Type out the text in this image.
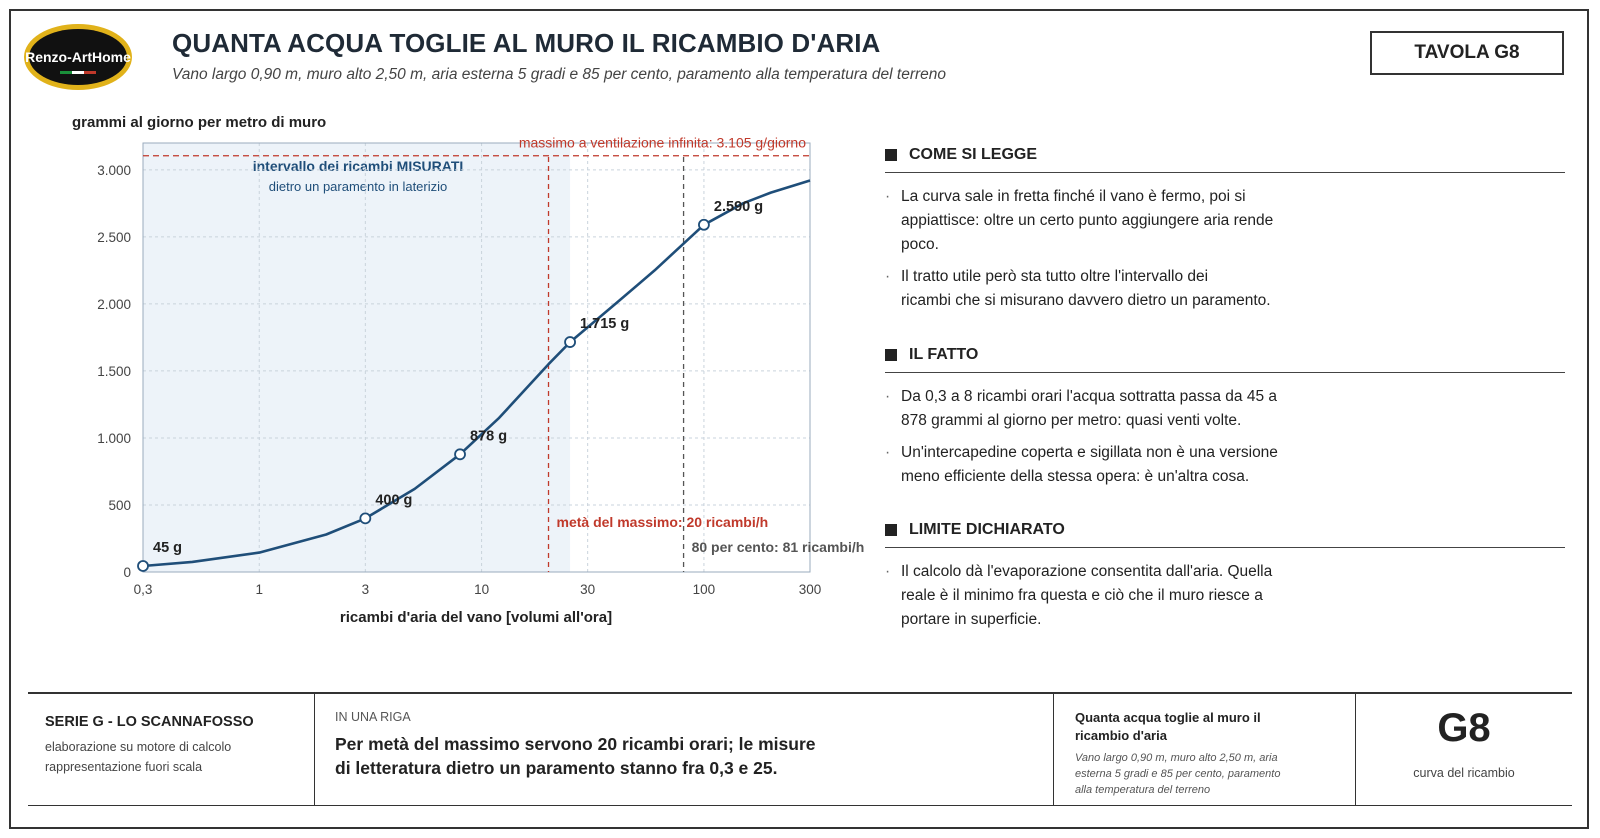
Renzo-ArtHome QUANTA ACQUA TOGLIE AL MURO IL RICAMBIO D'ARIA
Vano largo 0,90 m, muro alto 2,50 m, aria esterna 5 gradi e 85 per cento, paramento alla temperatura del terreno
TAVOLA G8
grammi al giorno per metro di muro
intervallo dei ricambi MISURATI
dietro un paramento in laterizio
massimo a ventilazione infinita: 3.105 g/giorno
metà del massimo: 20 ricambi/h
80 per cento: 81 ricambi/h
45 g
400 g
878 g
1.715 g
2.590 g
0,3	1	3	10	30	100	300
0
500
1.000
1.500
2.000
2.500
3.000
ricambi d'aria del vano [volumi all'ora]
COME SI LEGGE
· La curva sale in fretta finché il vano è fermo, poi si
appiattisce: oltre un certo punto aggiungere aria rende
poco.
· Il tratto utile però sta tutto oltre l'intervallo dei
ricambi che si misurano davvero dietro un paramento.
IL FATTO
· Da 0,3 a 8 ricambi orari l'acqua sottratta passa da 45 a
878 grammi al giorno per metro: quasi venti volte.
· Un'intercapedine coperta e sigillata non è una versione
meno efficiente della stessa opera: è un'altra cosa.
LIMITE DICHIARATO
· Il calcolo dà l'evaporazione consentita dall'aria. Quella
reale è il minimo fra questa e ciò che il muro riesce a
portare in superficie.
SERIE G - LO SCANNAFOSSO
elaborazione su motore di calcolo
rappresentazione fuori scala
IN UNA RIGA
Per metà del massimo servono 20 ricambi orari; le misure
di letteratura dietro un paramento stanno fra 0,3 e 25.
Quanta acqua toglie al muro il
ricambio d'aria
Vano largo 0,90 m, muro alto 2,50 m, aria
esterna 5 gradi e 85 per cento, paramento
alla temperatura del terreno
G8
curva del ricambio
